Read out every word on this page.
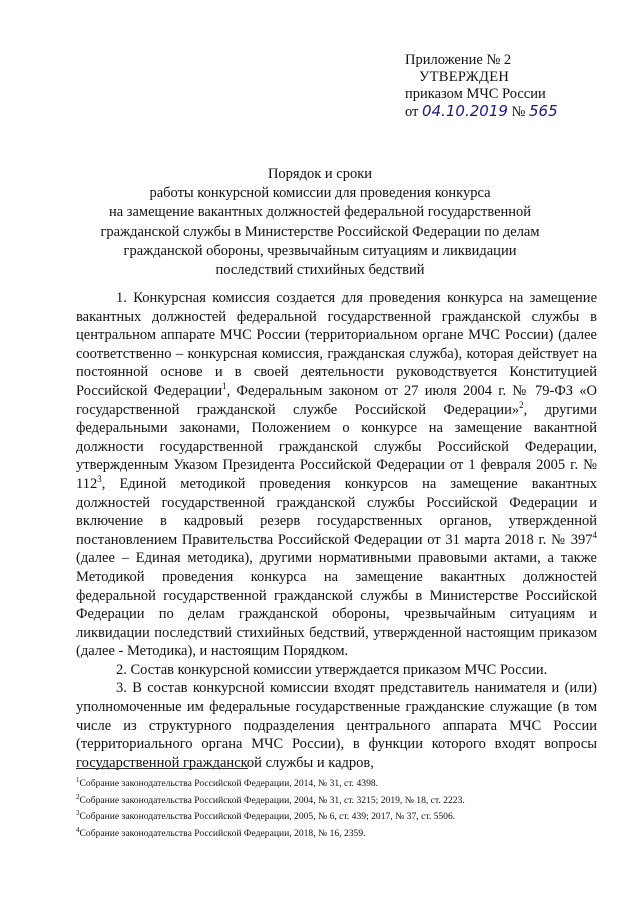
Приложение № 2
УТВЕРЖДЕН
приказом МЧС России
от 04.10.2019 № 565
Порядок и сроки
работы конкурсной комиссии для проведения конкурса
на замещение вакантных должностей федеральной государственной
гражданской службы в Министерстве Российской Федерации по делам
гражданской обороны, чрезвычайным ситуациям и ликвидации
последствий стихийных бедствий

1. Конкурсная комиссия создается для проведения конкурса на замещение вакантных должностей федеральной государственной гражданской службы в центральном аппарате МЧС России (территориальном органе МЧС России) (далее соответственно – конкурсная комиссия, гражданская служба), которая действует на постоянной основе и в своей деятельности руководствуется Конституцией Российской Федерации$^1$, Федеральным законом от 27 июля 2004 г. № 79-ФЗ «О государственной гражданской службе Российской Федерации»$^2$, другими федеральными законами, Положением о конкурсе на замещение вакантной должности государственной гражданской службы Российской Федерации, утвержденным Указом Президента Российской Федерации от 1 февраля 2005 г. № $112^3$, Единой методикой проведения конкурсов на замещение вакантных должностей государственной гражданской службы Российской Федерации и включение в кадровый резерв государственных органов, утвержденной постановлением Правительства Российской Федерации от 31 марта 2018 г. № $397^4$ (далее – Единая методика), другими нормативными правовыми актами, а также Методикой проведения конкурса на замещение вакантных должностей федеральной государственной гражданской службы в Министерстве Российской Федерации по делам гражданской обороны, чрезвычайным ситуациям и ликвидации последствий стихийных бедствий, утвержденной настоящим приказом (далее - Методика), и настоящим Порядком.

2. Состав конкурсной комиссии утверждается приказом МЧС России.

3. В состав конкурсной комиссии входят представитель нанимателя и (или) уполномоченные им федеральные государственные гражданские служащие (в том числе из структурного подразделения центрального аппарата МЧС России (территориального органа МЧС России), в функции которого входят вопросы государственной гражданской службы и кадров,

$^1$Собрание законодательства Российской Федерации, 2014, № 31, ст. 4398.
$^2$Собрание законодательства Российской Федерации, 2004, № 31, ст. 3215; 2019, № 18, ст. 2223.
$^3$Собрание законодательства Российской Федерации, 2005, № 6, ст. 439; 2017, № 37, ст. 5506.
$^4$Собрание законодательства Российской Федерации, 2018, № 16, 2359.
